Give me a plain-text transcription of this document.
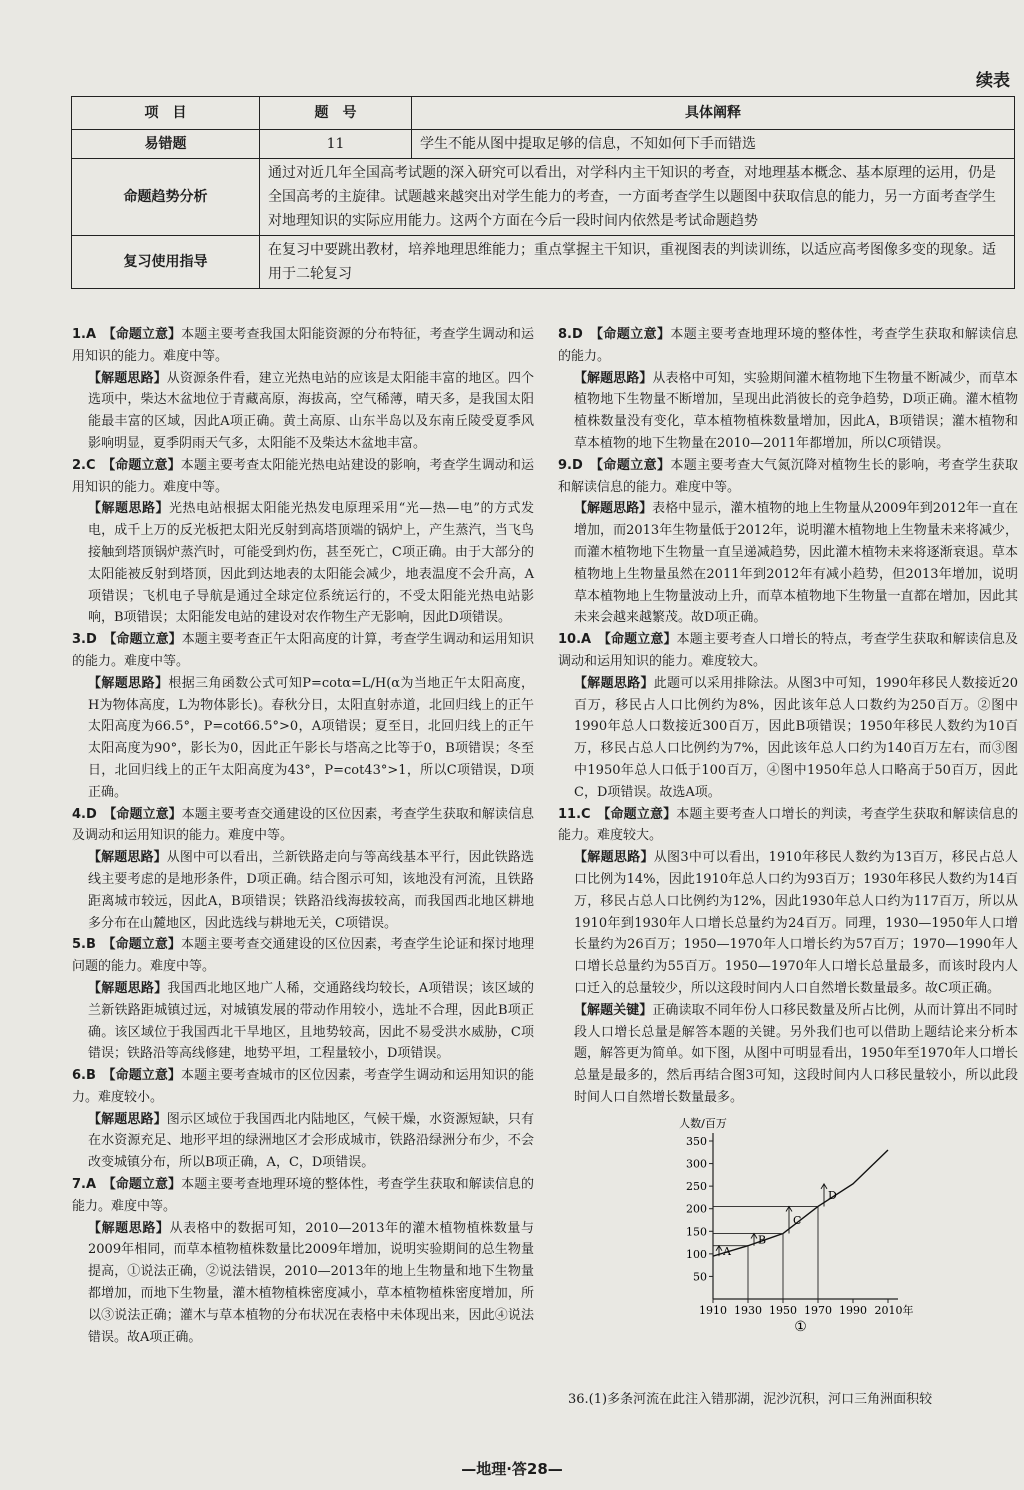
续表
项　目	题　号	具体阐释
易错题	11	学生不能从图中提取足够的信息，不知如何下手而错选
命题趋势分析	通过对近几年全国高考试题的深入研究可以看出，对学科内主干知识的考查，对地理基本概念、基本原理的运用，仍是全国高考的主旋律。试题越来越突出对学生能力的考查，一方面考查学生以题图中获取信息的能力，另一方面考查学生对地理知识的实际应用能力。这两个方面在今后一段时间内依然是考试命题趋势	
复习使用指导	在复习中要跳出教材，培养地理思维能力；重点掌握主干知识，重视图表的判读训练，以适应高考图像多变的现象。适用于二轮复习	

1.A　【命题立意】本题主要考查我国太阳能资源的分布特征，考查学生调动和运用知识的能力。难度中等。

【解题思路】从资源条件看，建立光热电站的应该是太阳能丰富的地区。四个选项中，柴达木盆地位于青藏高原，海拔高，空气稀薄，晴天多，是我国太阳能最丰富的区域，因此A项正确。黄土高原、山东半岛以及东南丘陵受夏季风影响明显，夏季阴雨天气多，太阳能不及柴达木盆地丰富。

2.C　【命题立意】本题主要考查太阳能光热电站建设的影响，考查学生调动和运用知识的能力。难度中等。

【解题思路】光热电站根据太阳能光热发电原理采用“光—热—电”的方式发电，成千上万的反光板把太阳光反射到高塔顶端的锅炉上，产生蒸汽，当飞鸟接触到塔顶锅炉蒸汽时，可能受到灼伤，甚至死亡，C项正确。由于大部分的太阳能被反射到塔顶，因此到达地表的太阳能会减少，地表温度不会升高，A项错误；飞机电子导航是通过全球定位系统运行的，不受太阳能光热电站影响，B项错误；太阳能发电站的建设对农作物生产无影响，因此D项错误。

3.D　【命题立意】本题主要考查正午太阳高度的计算，考查学生调动和运用知识的能力。难度中等。

【解题思路】根据三角函数公式可知P=cotα=L/H(α为当地正午太阳高度，H为物体高度，L为物体影长)。春秋分日，太阳直射赤道，北回归线上的正午太阳高度为66.5°，P=cot66.5°>0，A项错误；夏至日，北回归线上的正午太阳高度为90°，影长为0，因此正午影长与塔高之比等于0，B项错误；冬至日，北回归线上的正午太阳高度为43°，P=cot43°>1，所以C项错误，D项正确。

4.D　【命题立意】本题主要考查交通建设的区位因素，考查学生获取和解读信息及调动和运用知识的能力。难度中等。

【解题思路】从图中可以看出，兰新铁路走向与等高线基本平行，因此铁路选线主要考虑的是地形条件，D项正确。结合图示可知，该地没有河流，且铁路距离城市较远，因此A，B项错误；铁路沿线海拔较高，而我国西北地区耕地多分布在山麓地区，因此选线与耕地无关，C项错误。

5.B　【命题立意】本题主要考查交通建设的区位因素，考查学生论证和探讨地理问题的能力。难度中等。

【解题思路】我国西北地区地广人稀，交通路线均较长，A项错误；该区域的兰新铁路距城镇过远，对城镇发展的带动作用较小，选址不合理，因此B项正确。该区域位于我国西北干旱地区，且地势较高，因此不易受洪水威胁，C项错误；铁路沿等高线修建，地势平坦，工程量较小，D项错误。

6.B　【命题立意】本题主要考查城市的区位因素，考查学生调动和运用知识的能力。难度较小。

【解题思路】图示区域位于我国西北内陆地区，气候干燥，水资源短缺，只有在水资源充足、地形平坦的绿洲地区才会形成城市，铁路沿绿洲分布少，不会改变城镇分布，所以B项正确，A，C，D项错误。

7.A　【命题立意】本题主要考查地理环境的整体性，考查学生获取和解读信息的能力。难度中等。

【解题思路】从表格中的数据可知，2010—2013年的灌木植物植株数量与2009年相同，而草本植物植株数量比2009年增加，说明实验期间的总生物量提高，①说法正确，②说法错误，2010—2013年的地上生物量和地下生物量都增加，而地下生物量，灌木植物植株密度减小，草本植物植株密度增加，所以③说法正确；灌木与草本植物的分布状况在表格中未体现出来，因此④说法错误。故A项正确。

8.D　【命题立意】本题主要考查地理环境的整体性，考查学生获取和解读信息的能力。

【解题思路】从表格中可知，实验期间灌木植物地下生物量不断减少，而草本植物地下生物量不断增加，呈现出此消彼长的竞争趋势，D项正确。灌木植物植株数量没有变化，草本植物植株数量增加，因此A，B项错误；灌木植物和草本植物的地下生物量在2010—2011年都增加，所以C项错误。

9.D　【命题立意】本题主要考查大气氮沉降对植物生长的影响，考查学生获取和解读信息的能力。难度中等。

【解题思路】表格中显示，灌木植物的地上生物量从2009年到2012年一直在增加，而2013年生物量低于2012年，说明灌木植物地上生物量未来将减少，而灌木植物地下生物量一直呈递减趋势，因此灌木植物未来将逐渐衰退。草本植物地上生物量虽然在2011年到2012年有减小趋势，但2013年增加，说明草本植物地上生物量波动上升，而草本植物地下生物量一直都在增加，因此其未来会越来越繁茂。故D项正确。

10.A　【命题立意】本题主要考查人口增长的特点，考查学生获取和解读信息及调动和运用知识的能力。难度较大。

【解题思路】此题可以采用排除法。从图3中可知，1990年移民人数接近20百万，移民占人口比例约为8%，因此该年总人口数约为250百万。②图中1990年总人口数接近300百万，因此B项错误；1950年移民人数约为10百万，移民占总人口比例约为7%，因此该年总人口约为140百万左右，而③图中1950年总人口低于100百万，④图中1950年总人口略高于50百万，因此C，D项错误。故选A项。

11.C　【命题立意】本题主要考查人口增长的判读，考查学生获取和解读信息的能力。难度较大。

【解题思路】从图3中可以看出，1910年移民人数约为13百万，移民占总人口比例为14%，因此1910年总人口约为93百万；1930年移民人数约为14百万，移民占总人口比例约为12%，因此1930年总人口约为117百万，所以从1910年到1930年人口增长总量约为24百万。同理，1930—1950年人口增长量约为26百万；1950—1970年人口增长约为57百万；1970—1990年人口增长总量约为55百万。1950—1970年人口增长总量最多，而该时段内人口迁入的总量较少，所以这段时间内人口自然增长数量最多。故C项正确。

【解题关键】正确读取不同年份人口移民数量及所占比例，从而计算出不同时段人口增长总量是解答本题的关键。另外我们也可以借助上题结论来分析本题，解答更为简单。如下图，从图中可明显看出，1950年至1970年人口增长总量是最多的，然后再结合图3可知，这段时间内人口移民量较小，所以此段时间人口自然增长数量最多。

50
100
150
200
250
300
350
1910 1930 1950 1970 1990 2010年
人数/百万
①
A
B
C
D
36.(1)多条河流在此注入错那湖，泥沙沉积，河口三角洲面积较
—地理·答28—
